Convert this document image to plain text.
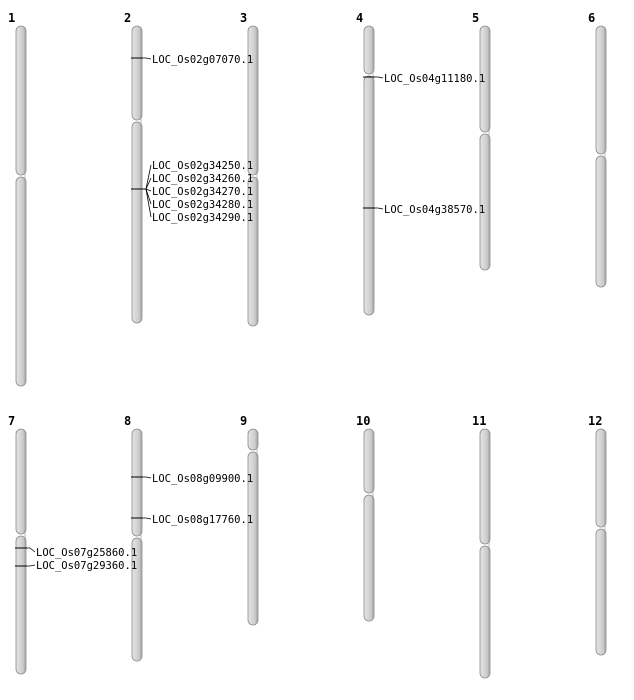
1	2	3	4	5	6
7	8	9	10	11	12
LOC_Os02g07070.1
LOC_Os02g34250.1
LOC_Os02g34260.1
LOC_Os02g34270.1
LOC_Os02g34280.1
LOC_Os02g34290.1
LOC_Os04g11180.1
LOC_Os04g38570.1
LOC_Os07g25860.1
LOC_Os07g29360.1
LOC_Os08g09900.1
LOC_Os08g17760.1
